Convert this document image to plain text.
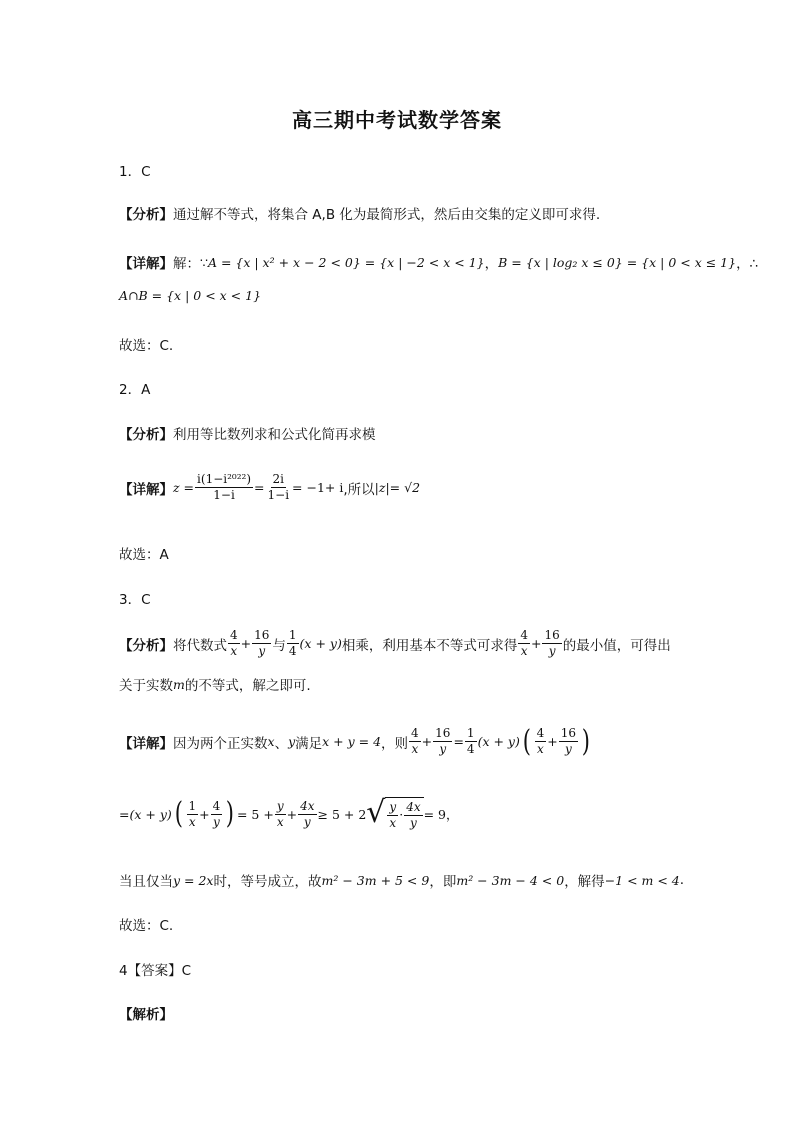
高三期中考试数学答案
1．C
【分析】 通过解不等式，将集合 A,B 化为最简形式，然后由交集的定义即可求得.
【详解】 解： ∵ A = {x | x² + x − 2 < 0} = {x | −2 < x < 1} ， B = {x | log₂ x ≤ 0} = {x | 0 < x ≤ 1} ，∴
A∩B = {x | 0 < x < 1}
故选：C.
2．A
【分析】 利用等比数列求和公式化简再求模
【详解】 $z = \frac{\text{i(1−i²⁰²²)}}{1-i} = \frac{2i}{1-i} = -1+ i$ ,所以 |z|= √2
故选：A
3．C
【分析】 将代数式 $\frac{4}{x} + \frac{16}{y}$ 与 $\frac{1}{4} (x + y)$ 相乘，利用基本不等式可求得 $\frac{4}{x} + \frac{16}{y}$ 的最小值，可得出
关于实数 m 的不等式，解之即可.
【详解】 因为两个正实数 x 、 y 满足 x + y = 4 ，则 $\frac{4}{x} + \frac{16}{y} = \frac{1}{4} (x + y)$ ( $\frac{4}{x} + \frac{16}{y}$ )
= (x + y) ( $\frac{1}{x} + \frac{4}{y}$ ) = $5 + \frac{y}{x} + \frac{4x}{y} \ge 5 + 2$ √ $\frac{y}{x} \cdot \frac{4x}{y} = 9$，
当且仅当 y = 2x 时，等号成立，故 m² − 3m + 5 < 9 ，即 m² − 3m − 4 < 0 ，解得 −1 < m < 4 .
故选：C.
4【答案】C
【解析】
